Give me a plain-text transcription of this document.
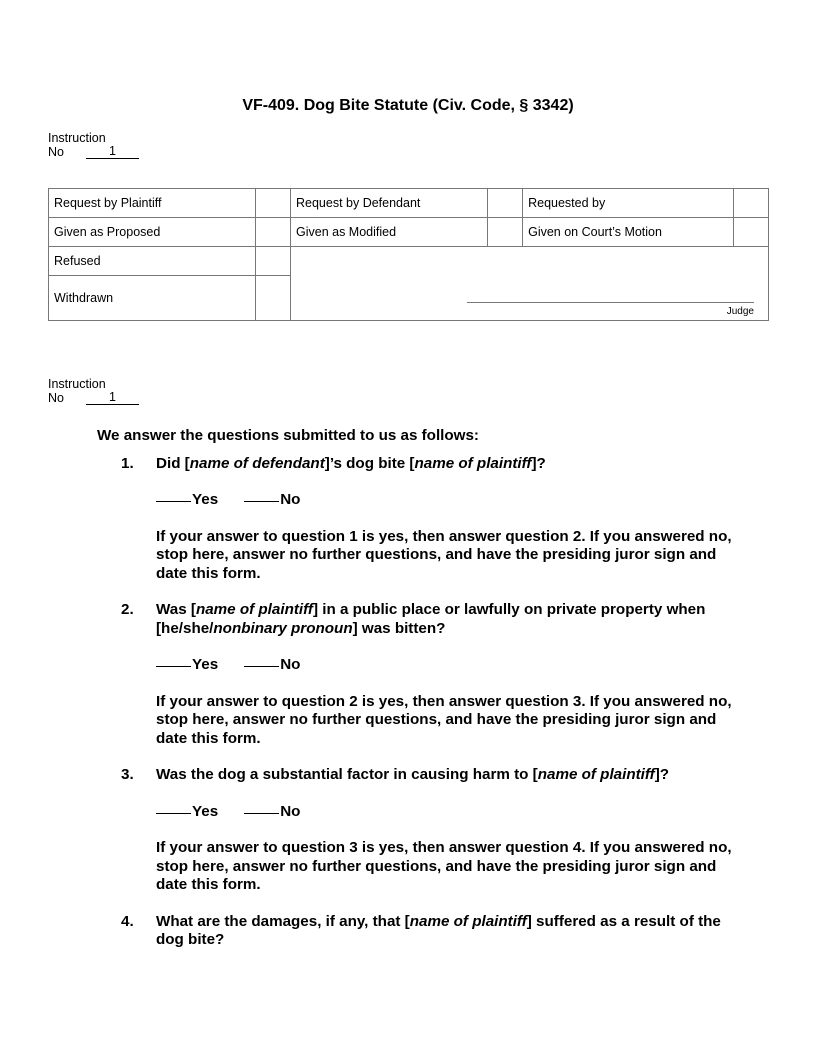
VF-409. Dog Bite Statute (Civ. Code, § 3342)
Instruction
No	1
Request by Plaintiff		Request by Defendant		Requested by	
Given as Proposed		Given as Modified		Given on Court’s Motion	
Refused		Judge			

Withdrawn					
Instruction
No	1
We answer the questions submitted to us as follows:
1.	Did [name of defendant]’s dog bite [name of plaintiff]?
Yes	No
If your answer to question 1 is yes, then answer question 2. If you answered no, stop here, answer no further questions, and have the presiding juror sign and date this form.
2.	Was [name of plaintiff] in a public place or lawfully on private property when [he/she/nonbinary pronoun] was bitten?
Yes	No
If your answer to question 2 is yes, then answer question 3. If you answered no, stop here, answer no further questions, and have the presiding juror sign and date this form.
3.	Was the dog a substantial factor in causing harm to [name of plaintiff]?
Yes	No
If your answer to question 3 is yes, then answer question 4. If you answered no, stop here, answer no further questions, and have the presiding juror sign and date this form.
4.	What are the damages, if any, that [name of plaintiff] suffered as a result of the dog bite?
